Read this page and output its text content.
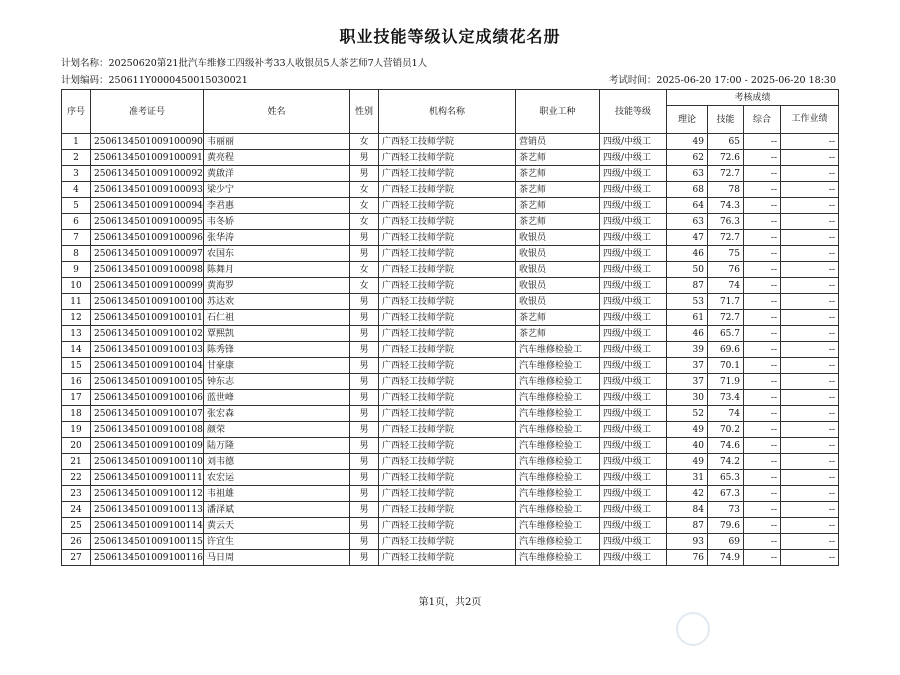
职业技能等级认定成绩花名册
计划名称：20250620第21批汽车维修工四级补考33人收银员5人茶艺师7人营销员1人
计划编码：250611Y0000450015030021	考试时间：2025-06-20 17:00 - 2025-06-20 18:30
序号	准考证号	姓名	性别	机构名称	职业工种	技能等级	考核成绩			
							理论	技能	综合	工作业绩
1	2506134501009100090	韦丽丽	女	广西轻工技师学院	营销员	四级/中级工	49	65	--	--
2	2506134501009100091	黄亮程	男	广西轻工技师学院	茶艺师	四级/中级工	62	72.6	--	--
3	2506134501009100092	黄啟洋	男	广西轻工技师学院	茶艺师	四级/中级工	63	72.7	--	--
4	2506134501009100093	梁少宁	女	广西轻工技师学院	茶艺师	四级/中级工	68	78	--	--
5	2506134501009100094	李君惠	女	广西轻工技师学院	茶艺师	四级/中级工	64	74.3	--	--
6	2506134501009100095	韦冬娇	女	广西轻工技师学院	茶艺师	四级/中级工	63	76.3	--	--
7	2506134501009100096	张华涛	男	广西轻工技师学院	收银员	四级/中级工	47	72.7	--	--
8	2506134501009100097	农国东	男	广西轻工技师学院	收银员	四级/中级工	46	75	--	--
9	2506134501009100098	陈舞月	女	广西轻工技师学院	收银员	四级/中级工	50	76	--	--
10	2506134501009100099	黄海罗	女	广西轻工技师学院	收银员	四级/中级工	87	74	--	--
11	2506134501009100100	苏达欢	男	广西轻工技师学院	收银员	四级/中级工	53	71.7	--	--
12	2506134501009100101	石仁祖	男	广西轻工技师学院	茶艺师	四级/中级工	61	72.7	--	--
13	2506134501009100102	覃熙凯	男	广西轻工技师学院	茶艺师	四级/中级工	46	65.7	--	--
14	2506134501009100103	陈秀锋	男	广西轻工技师学院	汽车维修检验工	四级/中级工	39	69.6	--	--
15	2506134501009100104	甘豪康	男	广西轻工技师学院	汽车维修检验工	四级/中级工	37	70.1	--	--
16	2506134501009100105	钟东志	男	广西轻工技师学院	汽车维修检验工	四级/中级工	37	71.9	--	--
17	2506134501009100106	蓝世峰	男	广西轻工技师学院	汽车维修检验工	四级/中级工	30	73.4	--	--
18	2506134501009100107	张宏森	男	广西轻工技师学院	汽车维修检验工	四级/中级工	52	74	--	--
19	2506134501009100108	颜荣	男	广西轻工技师学院	汽车维修检验工	四级/中级工	49	70.2	--	--
20	2506134501009100109	陆万隆	男	广西轻工技师学院	汽车维修检验工	四级/中级工	40	74.6	--	--
21	2506134501009100110	刘韦德	男	广西轻工技师学院	汽车维修检验工	四级/中级工	49	74.2	--	--
22	2506134501009100111	农宏运	男	广西轻工技师学院	汽车维修检验工	四级/中级工	31	65.3	--	--
23	2506134501009100112	韦祖雄	男	广西轻工技师学院	汽车维修检验工	四级/中级工	42	67.3	--	--
24	2506134501009100113	潘泽斌	男	广西轻工技师学院	汽车维修检验工	四级/中级工	84	73	--	--
25	2506134501009100114	黄云天	男	广西轻工技师学院	汽车维修检验工	四级/中级工	87	79.6	--	--
26	2506134501009100115	许宜生	男	广西轻工技师学院	汽车维修检验工	四级/中级工	93	69	--	--
27	2506134501009100116	马日周	男	广西轻工技师学院	汽车维修检验工	四级/中级工	76	74.9	--	--
第1页，共2页
